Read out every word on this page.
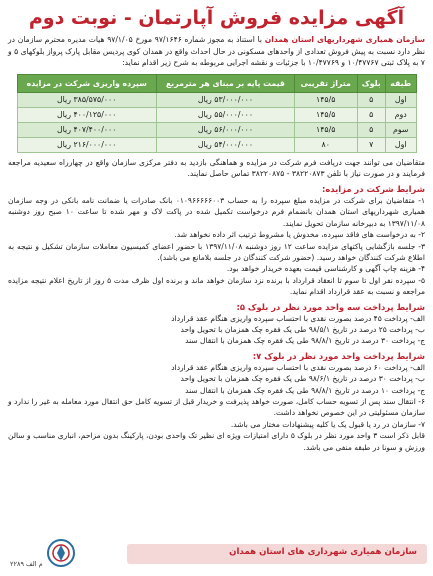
آگهی مزایده فروش آپارتمان - نوبت دوم
سازمان همیاری شهرداریهای استان همدان با استناد به مجوز شماره ۹۷/۱۶۴۶ مورخ ۹۷/۱/۰۵ هیات مدیره محترم سازمان در نظر دارد نسبت به پیش فروش تعدادی از واحدهای مسکونی در حال احداث واقع در همدان کوی پردیس مقابل پارک پرواز بلوکهای ۵ و ۷ به پلاک ثبتی ۱۰/۴۷۷۶۷ و ۱۰/۴۷۷۶۹ با جزئیات و نقشه اجرایی مربوطه به شرح زیر اقدام نماید:
طبقه	بلوک	متراژ تقریبی	قیمت پایه بر مبنای هر مترمربع	سپرده واریزی شرکت در مزایده
اول	۵	۱۴۵/۵	۵۳/۰۰۰/۰۰۰ ریال	۳۸۵/۵۷۵/۰۰۰ ریال
دوم	۵	۱۴۵/۵	۵۵/۰۰۰/۰۰۰ ریال	۴۰۰/۱۲۵/۰۰۰ ریال
سوم	۵	۱۴۵/۵	۵۶/۰۰۰/۰۰۰ ریال	۴۰۷/۴۰۰/۰۰۰ ریال
اول	۷	۸۰	۵۴/۰۰۰/۰۰۰ ریال	۲۱۶/۰۰۰/۰۰۰ ریال
متقاضیان می توانند جهت دریافت فرم شرکت در مزایده و هماهنگی بازدید به دفتر مرکزی سازمان واقع در چهارراه سعیدیه مراجعه فرمایند و در صورت نیاز با تلفن ۳۸۲۲۰۸۷۳ - ۳۸۲۲۰۸۷۵ تماس حاصل نمایند.
شرایط شرکت در مزایده:
۱- متقاضیان برای شرکت در مزایده مبلغ سپرده را به حساب ۰۱۰۹۶۶۶۶۶۰۰۳ بانک صادرات یا ضمانت نامه بانکی در وجه سازمان همیاری شهرداریهای استان همدان بانضمام فرم درخواست تکمیل شده در پاکت لاک و مهر شده تا ساعت ۱۰ صبح روز دوشنبه ۱۳۹۷/۱۱/۰۸ به دبیرخانه سازمان تحویل نمایند.
۲- به درخواست های فاقد سپرده، مخدوش یا مشروط ترتیب اثر داده نخواهد شد.
۳- جلسه بازگشایی پاکتهای مزایده ساعت ۱۲ روز دوشنبه ۱۳۹۷/۱۱/۰۸ با حضور اعضای کمیسیون معاملات سازمان تشکیل و نتیجه به اطلاع شرکت کنندگان خواهد رسید. (حضور شرکت کنندگان در جلسه بلامانع می باشد).
۴- هزینه چاپ آگهی و کارشناسی قیمت بعهده خریدار خواهد بود.
۵- سپرده نفر اول تا سوم تا انعقاد قرارداد با برنده نزد سازمان خواهد ماند و برنده اول ظرف مدت ۵ روز از تاریخ اعلام نتیجه مزایده مراجعه و نسبت به عقد قرارداد اقدام نماید.
شرایط پرداخت سه واحد مورد نظر در بلوک ۵:
الف- پرداخت ۴۵ درصد بصورت نقدی با احتساب سپرده واریزی هنگام عقد قرارداد
ب- پرداخت ۲۵ درصد در تاریخ ۹۸/۵/۱ طی یک فقره چک همزمان با تحویل واحد
ج- پرداخت ۳۰ درصد در تاریخ ۹۸/۸/۱ طی یک فقره چک همزمان با انتقال سند
شرایط پرداخت واحد مورد نظر در بلوک ۷:
الف- پرداخت ۶۰ درصد بصورت نقدی با احتساب سپرده واریزی هنگام عقد قرارداد
ب- پرداخت ۳۰ درصد در تاریخ ۹۸/۶/۱ طی یک فقره چک همزمان با تحویل واحد
ج- پرداخت ۱۰ درصد در تاریخ ۹۸/۸/۱ طی یک فقره چک همزمان با انتقال سند
۶- انتقال سند پس از تسویه حساب کامل، صورت خواهد پذیرفت و خریدار قبل از تسویه کامل حق انتقال مورد معامله به غیر را ندارد و سازمان مسئولیتی در این خصوص نخواهد داشت.
۷- سازمان در رد یا قبول یک یا کلیه پیشنهادات مختار می باشد.
قابل ذکر است ۳ واحد مورد نظر در بلوک ۵ دارای امتیازات ویژه ای نظیر تک واحدی بودن، پارکینگ بدون مزاحم، انباری مناسب و سالن ورزش و سونا در طبقه منفی می باشد.
سازمان همیاری شهرداری های استان همدان
م الف ۲۲۸۹
